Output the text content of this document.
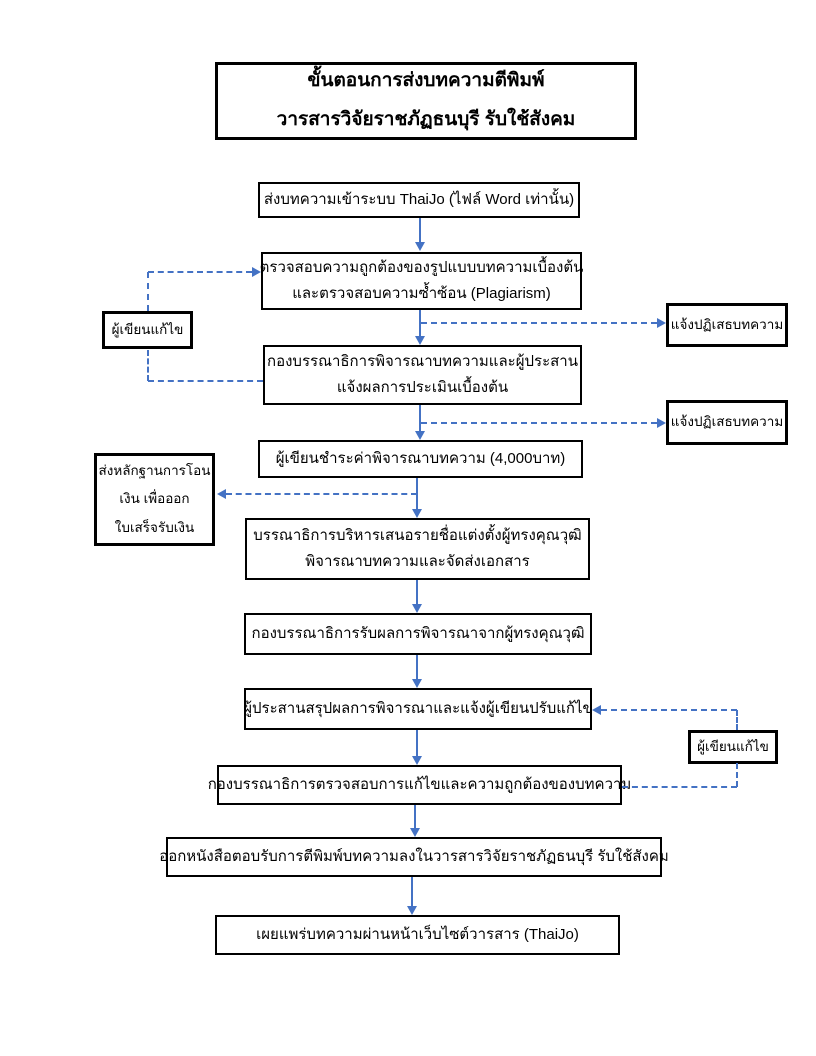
ขั้นตอนการส่งบทความตีพิมพ์
วารสารวิจัยราชภัฏธนบุรี รับใช้สังคม
ส่งบทความเข้าระบบ ThaiJo (ไฟล์ Word เท่านั้น)
ตรวจสอบความถูกต้องของรูปแบบบทความเบื้องต้น
และตรวจสอบความซ้ำซ้อน (Plagiarism)
กองบรรณาธิการพิจารณาบทความและผู้ประสาน
แจ้งผลการประเมินเบื้องต้น
ผู้เขียนชำระค่าพิจารณาบทความ (4,000บาท)
บรรณาธิการบริหารเสนอรายชื่อแต่งตั้งผู้ทรงคุณวุฒิ
พิจารณาบทความและจัดส่งเอกสาร
กองบรรณาธิการรับผลการพิจารณาจากผู้ทรงคุณวุฒิ
ผู้ประสานสรุปผลการพิจารณาและแจ้งผู้เขียนปรับแก้ไข
กองบรรณาธิการตรวจสอบการแก้ไขและความถูกต้องของบทความ
ออกหนังสือตอบรับการตีพิมพ์บทความลงในวารสารวิจัยราชภัฏธนบุรี รับใช้สังคม
เผยแพร่บทความผ่านหน้าเว็บไซต์วารสาร (ThaiJo)
ผู้เขียนแก้ไข	แจ้งปฏิเสธบทความ
แจ้งปฏิเสธบทความ
ส่งหลักฐานการโอน
เงิน เพื่อออก
ใบเสร็จรับเงิน
ผู้เขียนแก้ไข
